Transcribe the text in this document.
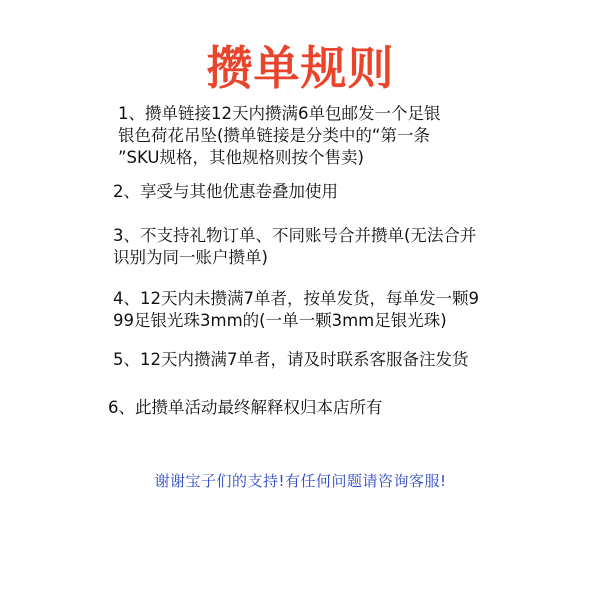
攒单规则
1、攒单链接12天内攒满6单包邮发一个足银
银色荷花吊坠(攒单链接是分类中的“第一条
”SKU规格，其他规格则按个售卖)
2、享受与其他优惠卷叠加使用
3、不支持礼物订单、不同账号合并攒单(无法合并
识别为同一账户攒单)
4、12天内未攒满7单者，按单发货，每单发一颗9
99足银光珠3mm的(一单一颗3mm足银光珠)
5、12天内攒满7单者，请及时联系客服备注发货
6、此攒单活动最终解释权归本店所有
谢谢宝子们的支持!有任何问题请咨询客服!
